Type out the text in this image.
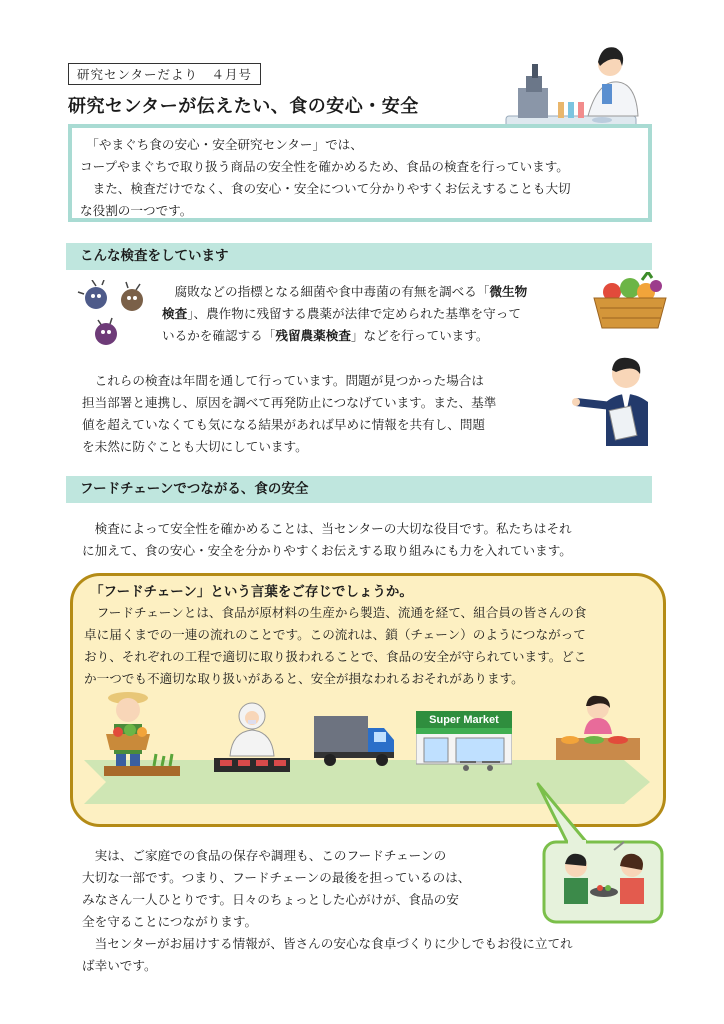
研究センターだより　４月号
研究センターが伝えたい、食の安心・安全
　「やまぐち食の安心・安全研究センター」では、
コープやまぐちで取り扱う商品の安全性を確かめるため、食品の検査を行っています。
　また、検査だけでなく、食の安心・安全について分かりやすくお伝えすることも大切
な役割の一つです。
こんな検査をしています
　腐敗などの指標となる細菌や食中毒菌の有無を調べる「微生物
検査」、農作物に残留する農薬が法律で定められた基準を守って
いるかを確認する「残留農薬検査」などを行っています。
　これらの検査は年間を通して行っています。問題が見つかった場合は
担当部署と連携し、原因を調べて再発防止につなげています。また、基準
値を超えていなくても気になる結果があれば早めに情報を共有し、問題
を未然に防ぐことも大切にしています。
フードチェーンでつながる、食の安全
　検査によって安全性を確かめることは、当センターの大切な役目です。私たちはそれ
に加えて、食の安心・安全を分かりやすくお伝えする取り組みにも力を入れています。
「フードチェーン」という言葉をご存じでしょうか。
　フードチェーンとは、食品が原材料の生産から製造、流通を経て、組合員の皆さんの食
卓に届くまでの一連の流れのことです。この流れは、鎖（チェーン）のようにつながって
おり、それぞれの工程で適切に取り扱われることで、食品の安全が守られています。どこ
か一つでも不適切な取り扱いがあると、安全が損なわれるおそれがあります。
Super Market
　実は、ご家庭での食品の保存や調理も、このフードチェーンの
大切な一部です。つまり、フードチェーンの最後を担っているのは、
みなさん一人ひとりです。日々のちょっとした心がけが、食品の安
全を守ることにつながります。
　当センターがお届けする情報が、皆さんの安心な食卓づくりに少しでもお役に立てれ
ば幸いです。
